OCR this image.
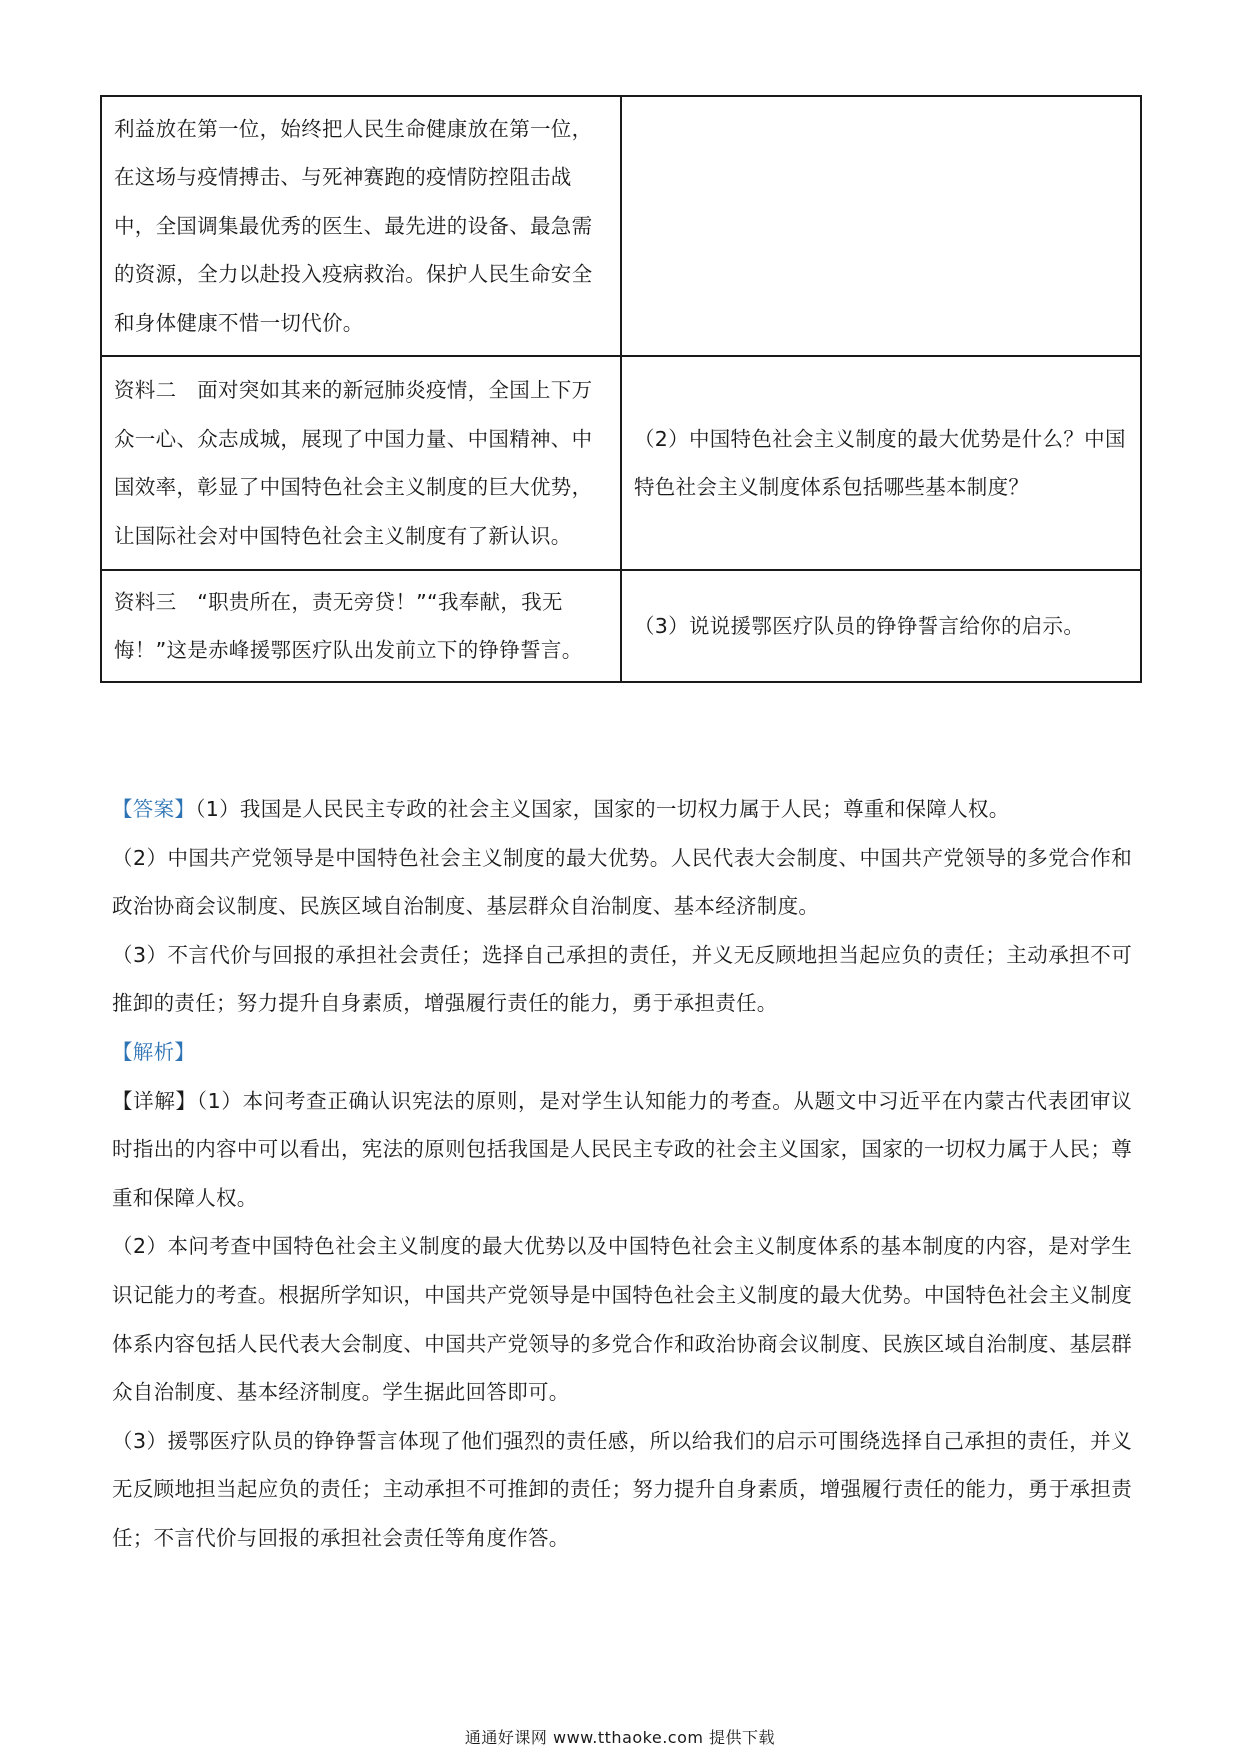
利益放在第一位，始终把人民生命健康放在第一位，在这场与疫情搏击、与死神赛跑的疫情防控阻击战中，全国调集最优秀的医生、最先进的设备、最急需的资源，全力以赴投入疫病救治。保护人民生命安全和身体健康不惜一切代价。	
资料二　面对突如其来的新冠肺炎疫情，全国上下万众一心、众志成城，展现了中国力量、中国精神、中国效率，彰显了中国特色社会主义制度的巨大优势，让国际社会对中国特色社会主义制度有了新认识。	（2）中国特色社会主义制度的最大优势是什么？中国特色社会主义制度体系包括哪些基本制度？
资料三　“职贵所在，责无旁贷！”“我奉献，我无悔！”这是赤峰援鄂医疗队出发前立下的铮铮誓言。	（3）说说援鄂医疗队员的铮铮誓言给你的启示。

【答案】（1）我国是人民民主专政的社会主义国家，国家的一切权力属于人民；尊重和保障人权。

（2）中国共产党领导是中国特色社会主义制度的最大优势。人民代表大会制度、中国共产党领导的多党合作和政治协商会议制度、民族区域自治制度、基层群众自治制度、基本经济制度。

（3）不言代价与回报的承担社会责任；选择自己承担的责任，并义无反顾地担当起应负的责任；主动承担不可推卸的责任；努力提升自身素质，增强履行责任的能力，勇于承担责任。

【解析】

【详解】（1）本问考查正确认识宪法的原则，是对学生认知能力的考查。从题文中习近平在内蒙古代表团审议时指出的内容中可以看出，宪法的原则包括我国是人民民主专政的社会主义国家，国家的一切权力属于人民；尊重和保障人权。

（2）本问考查中国特色社会主义制度的最大优势以及中国特色社会主义制度体系的基本制度的内容，是对学生识记能力的考查。根据所学知识，中国共产党领导是中国特色社会主义制度的最大优势。中国特色社会主义制度体系内容包括人民代表大会制度、中国共产党领导的多党合作和政治协商会议制度、民族区域自治制度、基层群众自治制度、基本经济制度。学生据此回答即可。

（3）援鄂医疗队员的铮铮誓言体现了他们强烈的责任感，所以给我们的启示可围绕选择自己承担的责任，并义无反顾地担当起应负的责任；主动承担不可推卸的责任；努力提升自身素质，增强履行责任的能力，勇于承担责任；不言代价与回报的承担社会责任等角度作答。

通通好课网 www.tthaoke.com 提供下载
